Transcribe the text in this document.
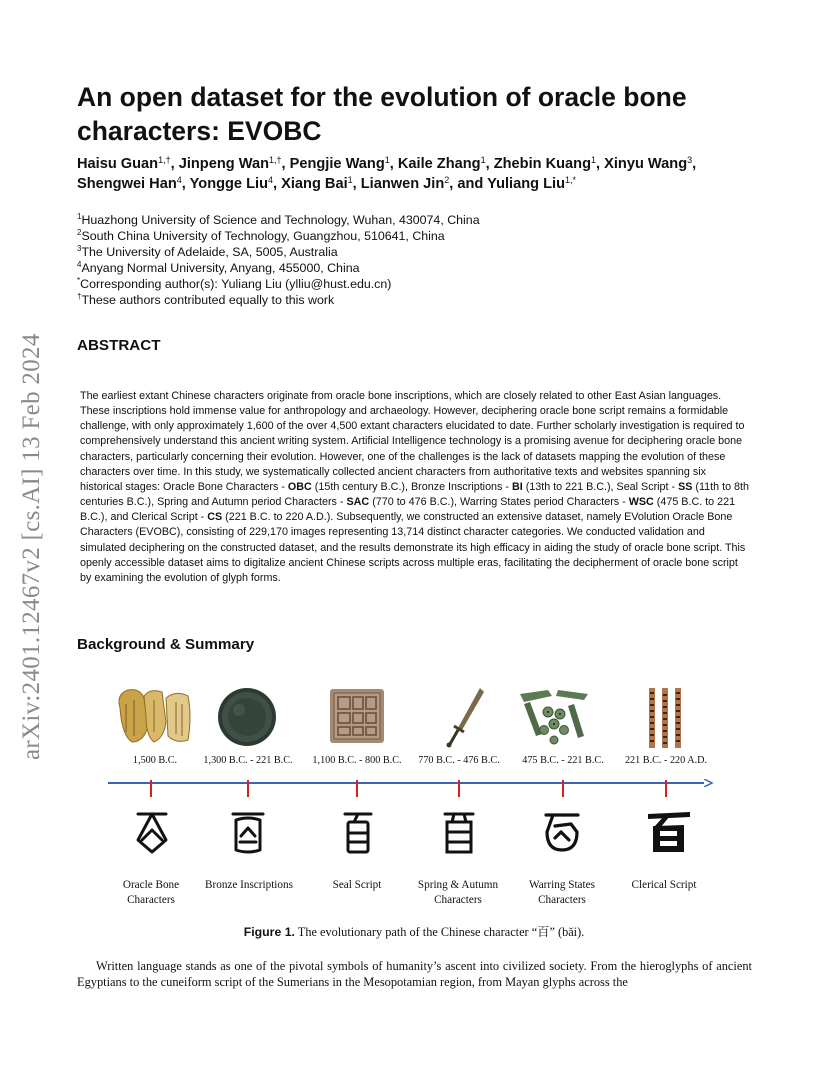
arXiv:2401.12467v2 [cs.AI] 13 Feb 2024
An open dataset for the evolution of oracle bone characters: EVOBC
Haisu Guan$^{1,\dagger}$, Jinpeng Wan$^{1,\dagger}$, Pengjie Wang$^1$, Kaile Zhang$^1$, Zhebin Kuang$^1$, Xinyu Wang$^3$, Shengwei Han$^4$, Yongge Liu$^4$, Xiang Bai$^1$, Lianwen Jin$^2$, and Yuliang Liu$^{1,*}$
$^1$Huazhong University of Science and Technology, Wuhan, 430074, China
$^2$South China University of Technology, Guangzhou, 510641, China
$^3$The University of Adelaide, SA, 5005, Australia
$^4$Anyang Normal University, Anyang, 455000, China
*Corresponding author(s): Yuliang Liu (ylliu@hust.edu.cn)
†These authors contributed equally to this work
ABSTRACT

The earliest extant Chinese characters originate from oracle bone inscriptions, which are closely related to other East Asian languages. These inscriptions hold immense value for anthropology and archaeology. However, deciphering oracle bone script remains a formidable challenge, with only approximately 1,600 of the over 4,500 extant characters elucidated to date. Further scholarly investigation is required to comprehensively understand this ancient writing system. Artificial Intelligence technology is a promising avenue for deciphering oracle bone characters, particularly concerning their evolution. However, one of the challenges is the lack of datasets mapping the evolution of these characters over time. In this study, we systematically collected ancient characters from authoritative texts and websites spanning six historical stages: Oracle Bone Characters - OBC (15th century B.C.), Bronze Inscriptions - BI (13th to 221 B.C.), Seal Script - SS (11th to 8th centuries B.C.), Spring and Autumn period Characters - SAC (770 to 476 B.C.), Warring States period Characters - WSC (475 B.C. to 221 B.C.), and Clerical Script - CS (221 B.C. to 220 A.D.). Subsequently, we constructed an extensive dataset, namely EVolution Oracle Bone Characters (EVOBC), consisting of 229,170 images representing 13,714 distinct character categories. We conducted validation and simulated deciphering on the constructed dataset, and the results demonstrate its high efficacy in aiding the study of oracle bone script. This openly accessible dataset aims to digitalize ancient Chinese scripts across multiple eras, facilitating the decipherment of oracle bone script by examining the evolution of glyph forms.

Background & Summary
1,500 B.C.	1,300 B.C. - 221 B.C.	1,100 B.C. - 800 B.C.	770 B.C. - 476 B.C.	475 B.C. - 221 B.C.	221 B.C. - 220 A.D.
Oracle Bone
Characters
Bronze Inscriptions	Seal Script	Spring & Autumn
Characters
Warring States
Characters
Clerical Script
Figure 1. The evolutionary path of the Chinese character “百” (bǎi).

Written language stands as one of the pivotal symbols of humanity’s ascent into civilized society. From the hieroglyphs of ancient Egyptians to the cuneiform script of the Sumerians in the Mesopotamian region, from Mayan glyphs across the
